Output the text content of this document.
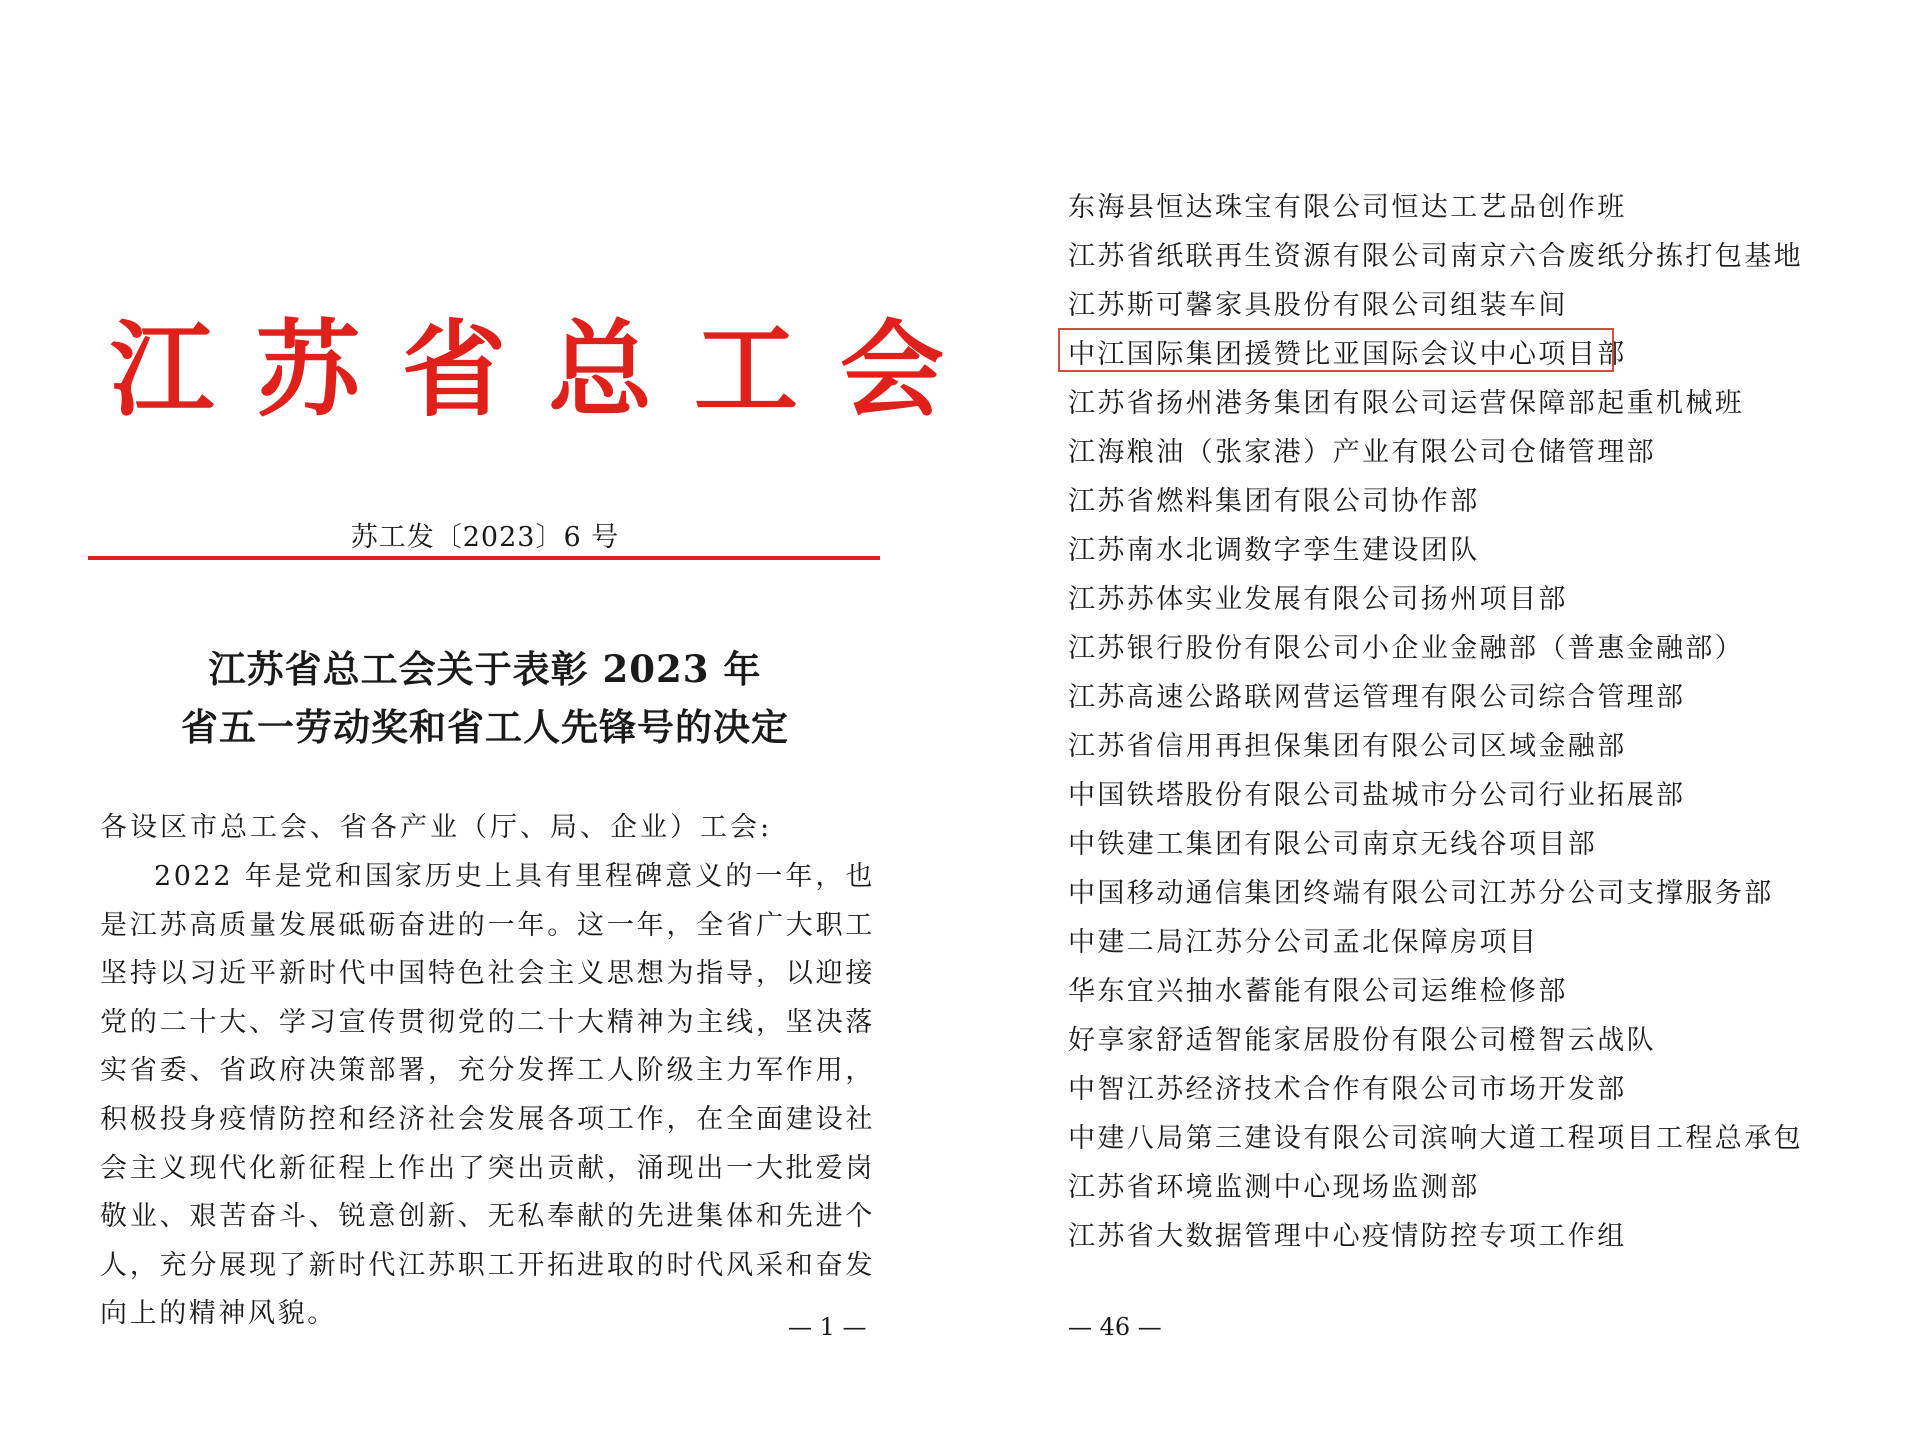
江苏省总工会
苏工发〔2023〕6 号
江苏省总工会关于表彰 2023 年
省五一劳动奖和省工人先锋号的决定
各设区市总工会、省各产业（厅、局、企业）工会:
2022 年是党和国家历史上具有里程碑意义的一年，也是江苏高质量发展砥砺奋进的一年。这一年，全省广大职工坚持以习近平新时代中国特色社会主义思想为指导，以迎接党的二十大、学习宣传贯彻党的二十大精神为主线，坚决落实省委、省政府决策部署，充分发挥工人阶级主力军作用，积极投身疫情防控和经济社会发展各项工作，在全面建设社会主义现代化新征程上作出了突出贡献，涌现出一大批爱岗敬业、艰苦奋斗、锐意创新、无私奉献的先进集体和先进个人，充分展现了新时代江苏职工开拓进取的时代风采和奋发向上的精神风貌。	— 1 —
东海县恒达珠宝有限公司恒达工艺品创作班
江苏省纸联再生资源有限公司南京六合废纸分拣打包基地
江苏斯可馨家具股份有限公司组装车间
中江国际集团援赞比亚国际会议中心项目部
江苏省扬州港务集团有限公司运营保障部起重机械班
江海粮油（张家港）产业有限公司仓储管理部
江苏省燃料集团有限公司协作部
江苏南水北调数字孪生建设团队
江苏苏体实业发展有限公司扬州项目部
江苏银行股份有限公司小企业金融部（普惠金融部）
江苏高速公路联网营运管理有限公司综合管理部
江苏省信用再担保集团有限公司区域金融部
中国铁塔股份有限公司盐城市分公司行业拓展部
中铁建工集团有限公司南京无线谷项目部
中国移动通信集团终端有限公司江苏分公司支撑服务部
中建二局江苏分公司孟北保障房项目
华东宜兴抽水蓄能有限公司运维检修部
好享家舒适智能家居股份有限公司橙智云战队
中智江苏经济技术合作有限公司市场开发部
中建八局第三建设有限公司滨响大道工程项目工程总承包
江苏省环境监测中心现场监测部
江苏省大数据管理中心疫情防控专项工作组
— 46 —
